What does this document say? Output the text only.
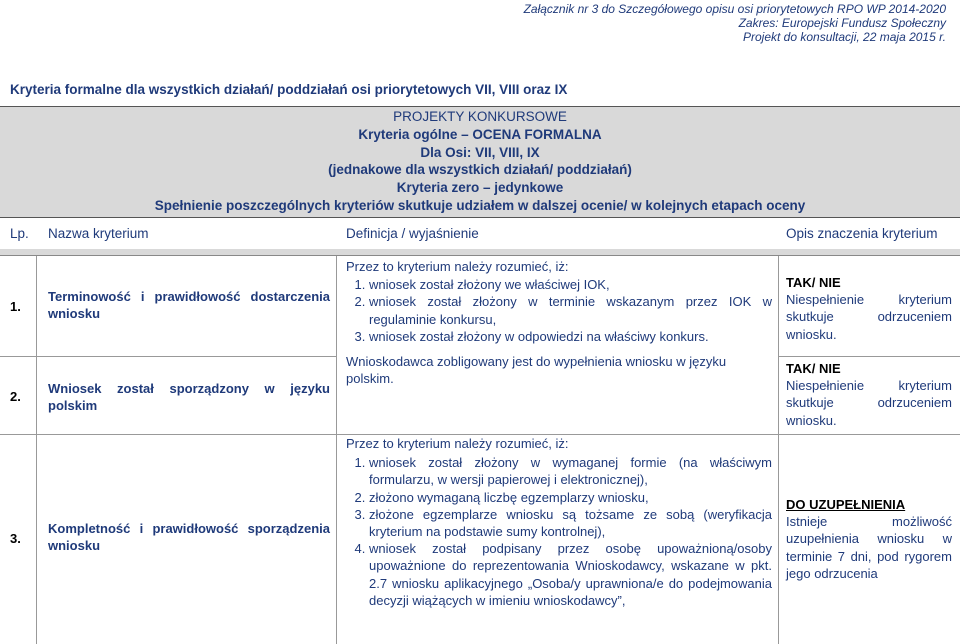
Załącznik nr 3 do Szczegółowego opisu osi priorytetowych RPO WP 2014-2020
Zakres: Europejski Fundusz Społeczny
Projekt do konsultacji, 22 maja 2015 r.
Kryteria formalne dla wszystkich działań/ poddziałań osi priorytetowych VII, VIII oraz IX
PROJEKTY KONKURSOWE
Kryteria ogólne – OCENA FORMALNA
Dla Osi: VII, VIII, IX
(jednakowe dla wszystkich działań/ poddziałań)
Kryteria zero – jedynkowe
Spełnienie poszczególnych kryteriów skutkuje udziałem w dalszej ocenie/ w kolejnych etapach oceny
Lp. Nazwa kryterium	Definicja / wyjaśnienie	Opis znaczenia kryterium
1.
Terminowość i prawidłowość dostarczenia wniosku
Przez to kryterium należy rozumieć, iż:
1. wniosek został złożony we właściwej IOK,
2. wniosek został złożony w terminie wskazanym przez IOK w regulaminie konkursu,
3. wniosek został złożony w odpowiedzi na właściwy konkurs.
Wnioskodawca zobligowany jest do wypełnienia wniosku w języku polskim.
TAK/ NIE
Niespełnienie kryterium skutkuje odrzuceniem wniosku.
2.
Wniosek został sporządzony w języku polskim
TAK/ NIE
Niespełnienie kryterium skutkuje odrzuceniem wniosku.
3.
Kompletność i prawidłowość sporządzenia wniosku
Przez to kryterium należy rozumieć, iż:
1. wniosek został złożony w wymaganej formie (na właściwym formularzu, w wersji papierowej i elektronicznej),
2. złożono wymaganą liczbę egzemplarzy wniosku,
3. złożone egzemplarze wniosku są tożsame ze sobą (weryfikacja kryterium na podstawie sumy kontrolnej),
4. wniosek został podpisany przez osobę upoważnioną/osoby upoważnione do reprezentowania Wnioskodawcy, wskazane w pkt. 2.7 wniosku aplikacyjnego „Osoba/y uprawniona/e do podejmowania decyzji wiążących w imieniu wnioskodawcy”,
DO UZUPEŁNIENIA
Istnieje możliwość uzupełnienia wniosku w terminie 7 dni, pod rygorem jego odrzucenia
